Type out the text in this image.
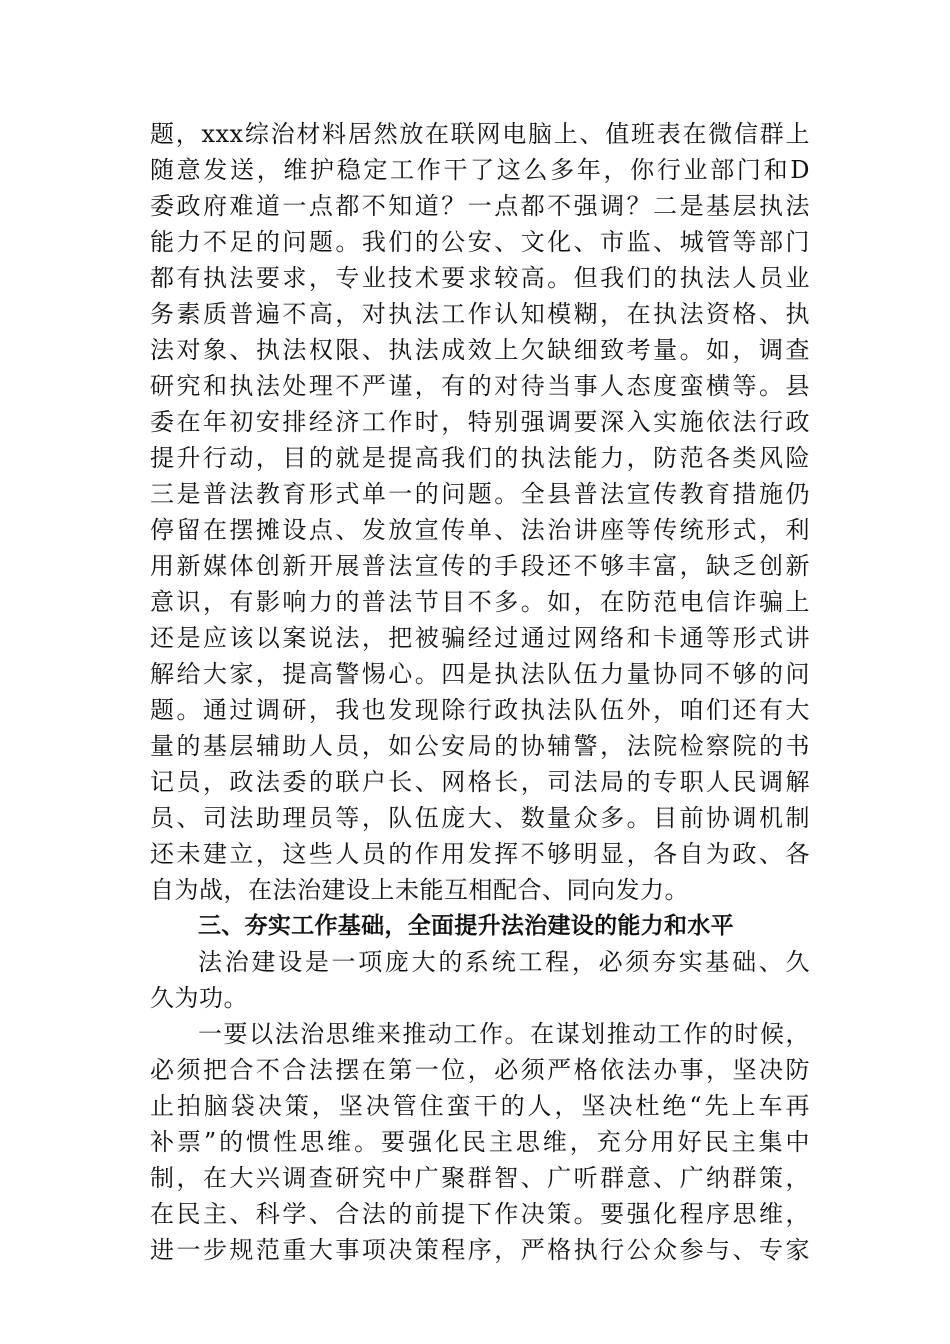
题，xxx综治材料居然放在联网电脑上、值班表在微信群上
随意发送，维护稳定工作干了这么多年，你行业部门和D
委政府难道一点都不知道？一点都不强调？二是基层执法
能力不足的问题。我们的公安、文化、市监、城管等部门
都有执法要求，专业技术要求较高。但我们的执法人员业
务素质普遍不高，对执法工作认知模糊，在执法资格、执
法对象、执法权限、执法成效上欠缺细致考量。如，调查
研究和执法处理不严谨，有的对待当事人态度蛮横等。县
委在年初安排经济工作时，特别强调要深入实施依法行政
提升行动，目的就是提高我们的执法能力，防范各类风险
三是普法教育形式单一的问题。全县普法宣传教育措施仍
停留在摆摊设点、发放宣传单、法治讲座等传统形式，利
用新媒体创新开展普法宣传的手段还不够丰富，缺乏创新
意识，有影响力的普法节目不多。如，在防范电信诈骗上
还是应该以案说法，把被骗经过通过网络和卡通等形式讲
解给大家，提高警惕心。四是执法队伍力量协同不够的问
题。通过调研，我也发现除行政执法队伍外，咱们还有大
量的基层辅助人员，如公安局的协辅警，法院检察院的书
记员，政法委的联户长、网格长，司法局的专职人民调解
员、司法助理员等，队伍庞大、数量众多。目前协调机制
还未建立，这些人员的作用发挥不够明显，各自为政、各
自为战，在法治建设上未能互相配合、同向发力。
三、夯实工作基础，全面提升法治建设的能力和水平
法治建设是一项庞大的系统工程，必须夯实基础、久
久为功。
一要以法治思维来推动工作。在谋划推动工作的时候，
必须把合不合法摆在第一位，必须严格依法办事，坚决防
止拍脑袋决策，坚决管住蛮干的人，坚决杜绝“先上车再
补票”的惯性思维。要强化民主思维，充分用好民主集中
制，在大兴调查研究中广聚群智、广听群意、广纳群策，
在民主、科学、合法的前提下作决策。要强化程序思维，
进一步规范重大事项决策程序，严格执行公众参与、专家
